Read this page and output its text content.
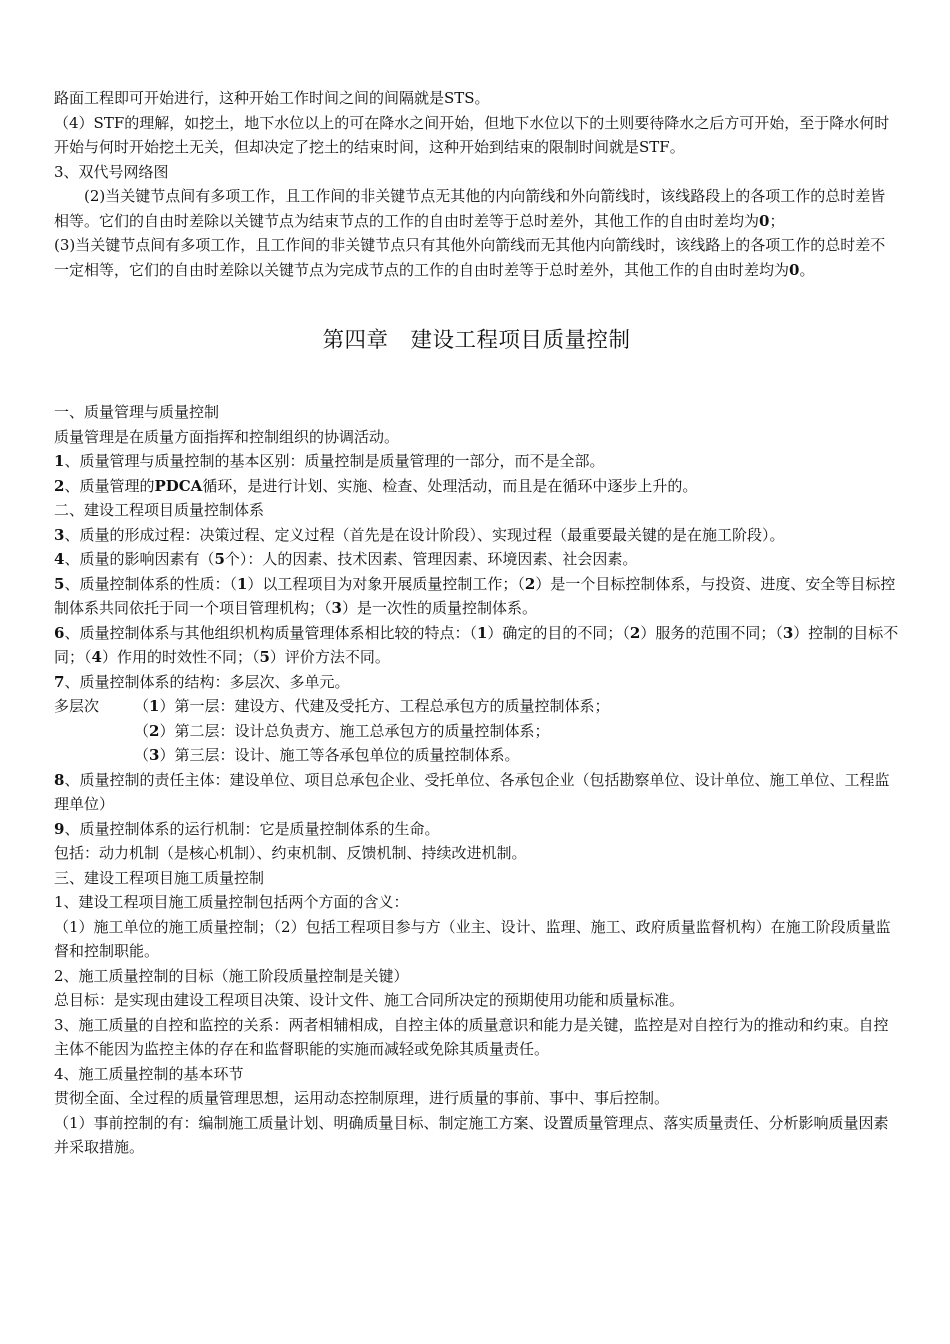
路面工程即可开始进行，这种开始工作时间之间的间隔就是STS。

（4）STF的理解，如挖土，地下水位以上的可在降水之间开始，但地下水位以下的土则要待降水之后方可开始，至于降水何时开始与何时开始挖土无关，但却决定了挖土的结束时间，这种开始到结束的限制时间就是STF。

3、双代号网络图

(2)当关键节点间有多项工作，且工作间的非关键节点无其他的内向箭线和外向箭线时，该线路段上的各项工作的总时差皆相等。它们的自由时差除以关键节点为结束节点的工作的自由时差等于总时差外，其他工作的自由时差均为0；

(3)当关键节点间有多项工作，且工作间的非关键节点只有其他外向箭线而无其他内向箭线时，该线路上的各项工作的总时差不一定相等，它们的自由时差除以关键节点为完成节点的工作的自由时差等于总时差外，其他工作的自由时差均为0。

第四章　建设工程项目质量控制

一、质量管理与质量控制

质量管理是在质量方面指挥和控制组织的协调活动。

1、质量管理与质量控制的基本区别：质量控制是质量管理的一部分，而不是全部。

2、质量管理的PDCA循环，是进行计划、实施、检查、处理活动，而且是在循环中逐步上升的。

二、建设工程项目质量控制体系

3、质量的形成过程：决策过程、定义过程（首先是在设计阶段）、实现过程（最重要最关键的是在施工阶段）。

4、质量的影响因素有（5个）：人的因素、技术因素、管理因素、环境因素、社会因素。

5、质量控制体系的性质：（1）以工程项目为对象开展质量控制工作；（2）是一个目标控制体系，与投资、进度、安全等目标控制体系共同依托于同一个项目管理机构；（3）是一次性的质量控制体系。

6、质量控制体系与其他组织机构质量管理体系相比较的特点：（1）确定的目的不同；（2）服务的范围不同；（3）控制的目标不同；（4）作用的时效性不同；（5）评价方法不同。

7、质量控制体系的结构：多层次、多单元。

多层次	（1）第一层：建设方、代建及受托方、工程总承包方的质量控制体系；
（2）第二层：设计总负责方、施工总承包方的质量控制体系；
（3）第三层：设计、施工等各承包单位的质量控制体系。

8、质量控制的责任主体：建设单位、项目总承包企业、受托单位、各承包企业（包括勘察单位、设计单位、施工单位、工程监理单位）

9、质量控制体系的运行机制：它是质量控制体系的生命。

包括：动力机制（是核心机制）、约束机制、反馈机制、持续改进机制。

三、建设工程项目施工质量控制

1、建设工程项目施工质量控制包括两个方面的含义：

（1）施工单位的施工质量控制；（2）包括工程项目参与方（业主、设计、监理、施工、政府质量监督机构）在施工阶段质量监督和控制职能。

2、施工质量控制的目标（施工阶段质量控制是关键）

总目标：是实现由建设工程项目决策、设计文件、施工合同所决定的预期使用功能和质量标准。

3、施工质量的自控和监控的关系：两者相辅相成，自控主体的质量意识和能力是关键，监控是对自控行为的推动和约束。自控主体不能因为监控主体的存在和监督职能的实施而减轻或免除其质量责任。

4、施工质量控制的基本环节

贯彻全面、全过程的质量管理思想，运用动态控制原理，进行质量的事前、事中、事后控制。

（1）事前控制的有：编制施工质量计划、明确质量目标、制定施工方案、设置质量管理点、落实质量责任、分析影响质量因素并采取措施。
